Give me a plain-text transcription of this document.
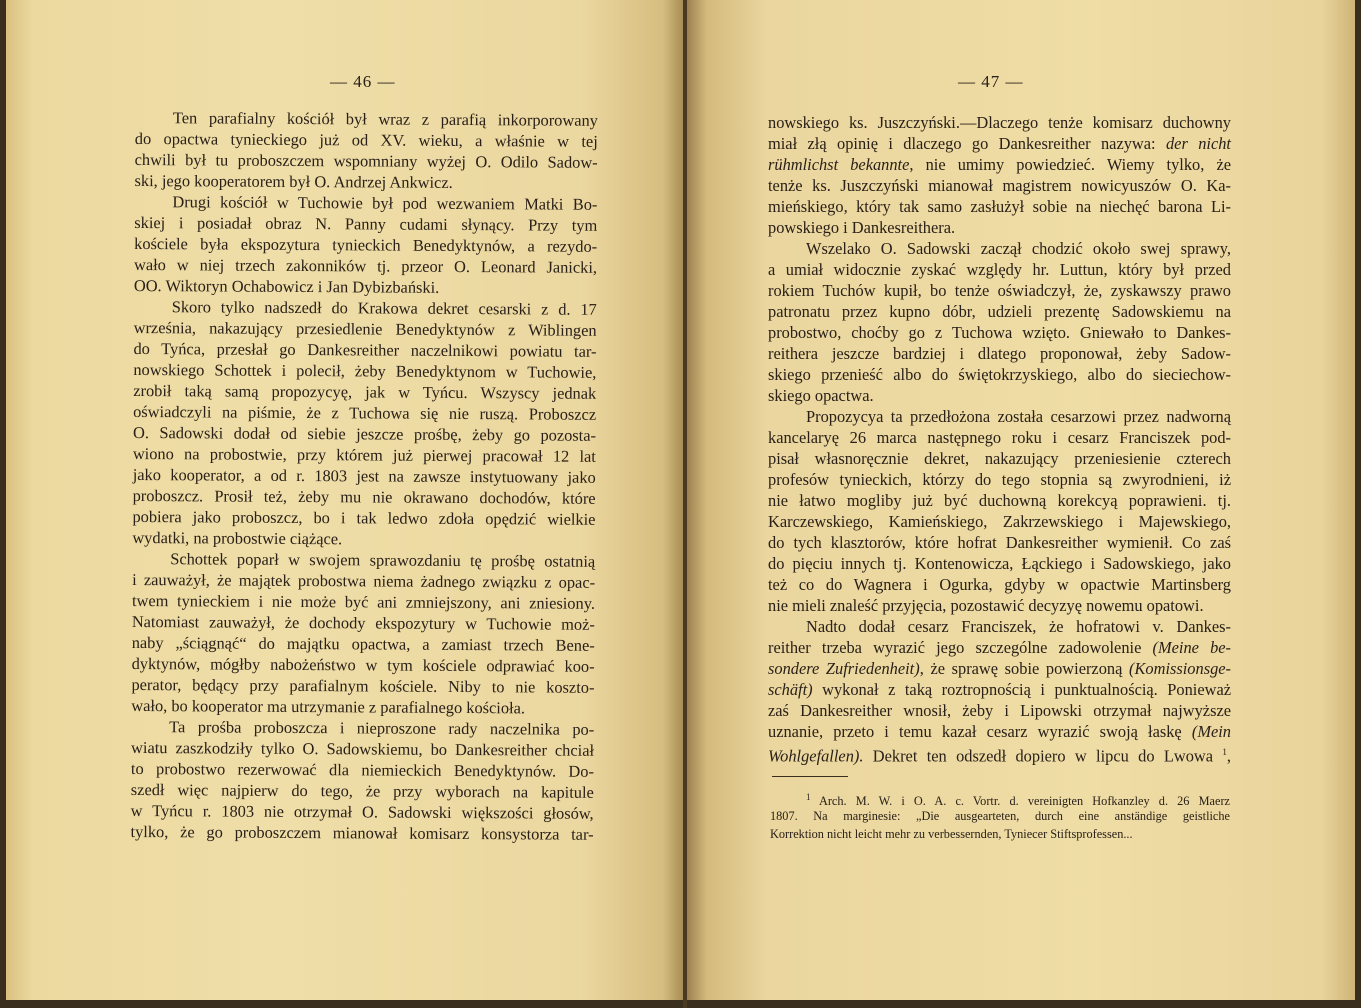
— 46 —	— 47 —
Ten parafialny kościół był wraz z parafią inkorporowany
do opactwa tynieckiego już od XV. wieku, a właśnie w tej
chwili był tu proboszczem wspomniany wyżej O. Odilo Sadow-
ski, jego kooperatorem był O. Andrzej Ankwicz.
Drugi kościół w Tuchowie był pod wezwaniem Matki Bo-
skiej i posiadał obraz N. Panny cudami słynący. Przy tym
kościele była ekspozytura tynieckich Benedyktynów, a rezydo-
wało w niej trzech zakonników tj. przeor O. Leonard Janicki,
OO. Wiktoryn Ochabowicz i Jan Dybizbański.
Skoro tylko nadszedł do Krakowa dekret cesarski z d. 17
września, nakazujący przesiedlenie Benedyktynów z Wiblingen
do Tyńca, przesłał go Dankesreither naczelnikowi powiatu tar-
nowskiego Schottek i polecił, żeby Benedyktynom w Tuchowie,
zrobił taką samą propozycyę, jak w Tyńcu. Wszyscy jednak
oświadczyli na piśmie, że z Tuchowa się nie ruszą. Proboszcz
O. Sadowski dodał od siebie jeszcze prośbę, żeby go pozosta-
wiono na probostwie, przy którem już pierwej pracował 12 lat
jako kooperator, a od r. 1803 jest na zawsze instytuowany jako
proboszcz. Prosił też, żeby mu nie okrawano dochodów, które
pobiera jako proboszcz, bo i tak ledwo zdoła opędzić wielkie
wydatki, na probostwie ciążące.
Schottek poparł w swojem sprawozdaniu tę prośbę ostatnią
i zauważył, że majątek probostwa niema żadnego związku z opac-
twem tynieckiem i nie może być ani zmniejszony, ani zniesiony.
Natomiast zauważył, że dochody ekspozytury w Tuchowie moż-
naby „ściągnąć“ do majątku opactwa, a zamiast trzech Bene-
dyktynów, mógłby nabożeństwo w tym kościele odprawiać koo-
perator, będący przy parafialnym kościele. Niby to nie koszto-
wało, bo kooperator ma utrzymanie z parafialnego kościoła.
Ta prośba proboszcza i nieproszone rady naczelnika po-
wiatu zaszkodziły tylko O. Sadowskiemu, bo Dankesreither chciał
to probostwo rezerwować dla niemieckich Benedyktynów. Do-
szedł więc najpierw do tego, że przy wyborach na kapitule
w Tyńcu r. 1803 nie otrzymał O. Sadowski większości głosów,
tylko, że go proboszczem mianował komisarz konsystorza tar-
nowskiego ks. Juszczyński.—Dlaczego tenże komisarz duchowny
miał złą opinię i dlaczego go Dankesreither nazywa: der nicht
rühmlichst bekannte, nie umimy powiedzieć. Wiemy tylko, że
tenże ks. Juszczyński mianował magistrem nowicyuszów O. Ka-
mieńskiego, który tak samo zasłużył sobie na niechęć barona Li-
powskiego i Dankesreithera.
Wszelako O. Sadowski zaczął chodzić około swej sprawy,
a umiał widocznie zyskać względy hr. Luttun, który był przed
rokiem Tuchów kupił, bo tenże oświadczył, że, zyskawszy prawo
patronatu przez kupno dóbr, udzieli prezentę Sadowskiemu na
probostwo, choćby go z Tuchowa wzięto. Gniewało to Dankes-
reithera jeszcze bardziej i dlatego proponował, żeby Sadow-
skiego przenieść albo do świętokrzyskiego, albo do sieciechow-
skiego opactwa.
Propozycya ta przedłożona została cesarzowi przez nadworną
kancelaryę 26 marca następnego roku i cesarz Franciszek pod-
pisał własnoręcznie dekret, nakazujący przeniesienie czterech
profesów tynieckich, którzy do tego stopnia są zwyrodnieni, iż
nie łatwo mogliby już być duchowną korekcyą poprawieni. tj.
Karczewskiego, Kamieńskiego, Zakrzewskiego i Majewskiego,
do tych klasztorów, które hofrat Dankesreither wymienił. Co zaś
do pięciu innych tj. Kontenowicza, Łąckiego i Sadowskiego, jako
też co do Wagnera i Ogurka, gdyby w opactwie Martinsberg
nie mieli znaleść przyjęcia, pozostawić decyzyę nowemu opatowi.
Nadto dodał cesarz Franciszek, że hofratowi v. Dankes-
reither trzeba wyrazić jego szczególne zadowolenie (Meine be-
sondere Zufriedenheit), że sprawę sobie powierzoną (Komissionsge-
schäft) wykonał z taką roztropnością i punktualnością. Ponieważ
zaś Dankesreither wnosił, żeby i Lipowski otrzymał najwyższe
uznanie, przeto i temu kazał cesarz wyrazić swoją łaskę (Mein
Wohlgefallen). Dekret ten odszedł dopiero w lipcu do Lwowa $^1$,
$^1$ Arch. M. W. i O. A. c. Vortr. d. vereinigten Hofkanzley d. 26 Maerz
1807. Na marginesie: „Die ausgearteten, durch eine anständige geistliche
Korrektion nicht leicht mehr zu verbessernden, Tyniecer Stiftsprofessen...
